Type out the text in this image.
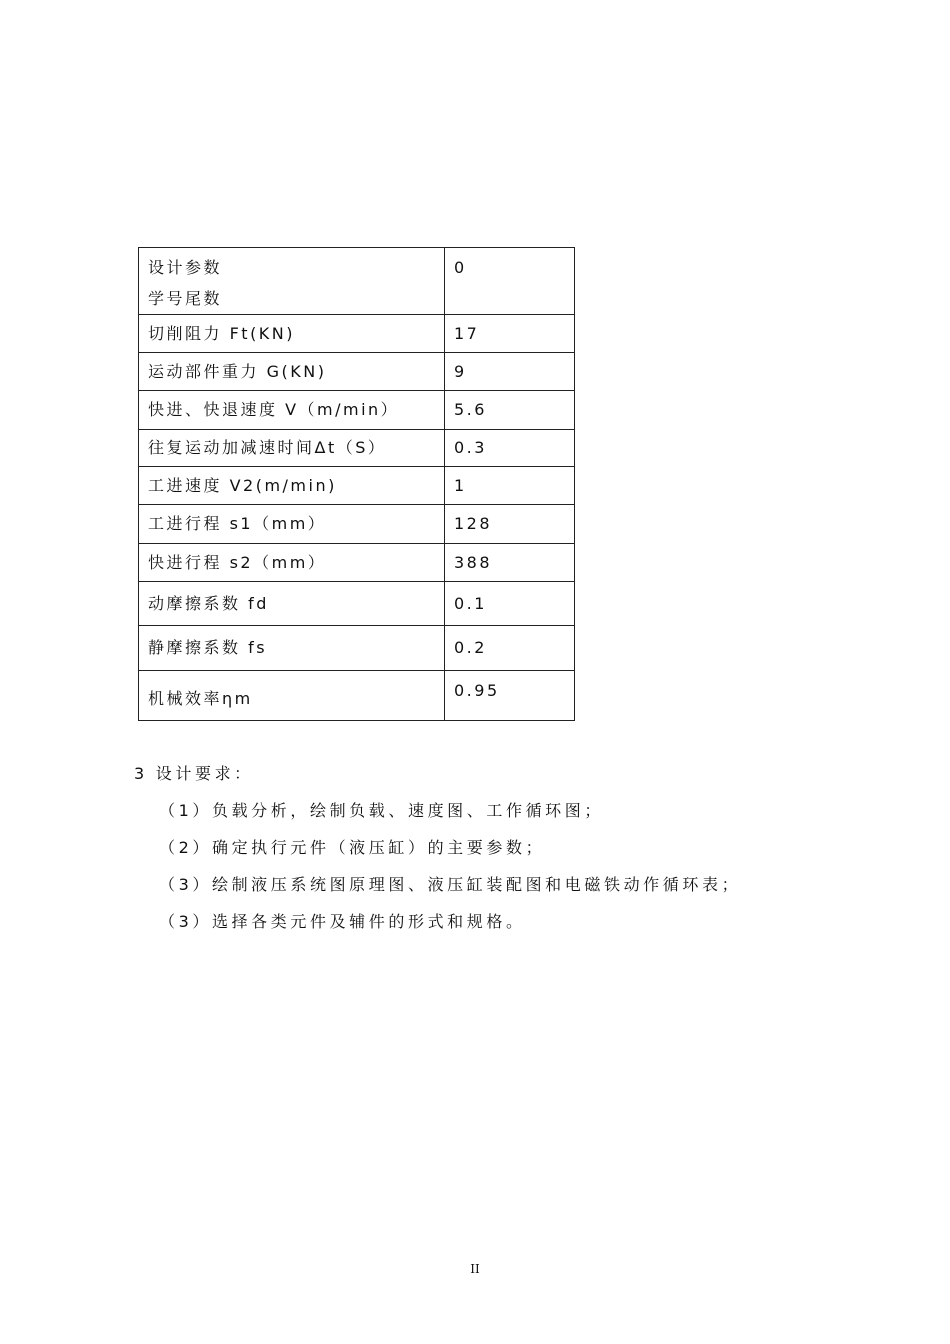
设计参数
学号尾数	0
切削阻力 Ft(KN)	17
运动部件重力 G(KN)	9
快进、快退速度 V（m/min）	5.6
往复运动加减速时间Δt（S）	0.3
工进速度 V2(m/min)	1
工进行程 s1（mm）	128
快进行程 s2（mm）	388
动摩擦系数 fd	0.1
静摩擦系数 fs	0.2
机械效率ηm	0.95
3 设计要求：
（1）负载分析，绘制负载、速度图、工作循环图；
（2）确定执行元件（液压缸）的主要参数；
（3）绘制液压系统图原理图、液压缸装配图和电磁铁动作循环表；
（3）选择各类元件及辅件的形式和规格。
II
